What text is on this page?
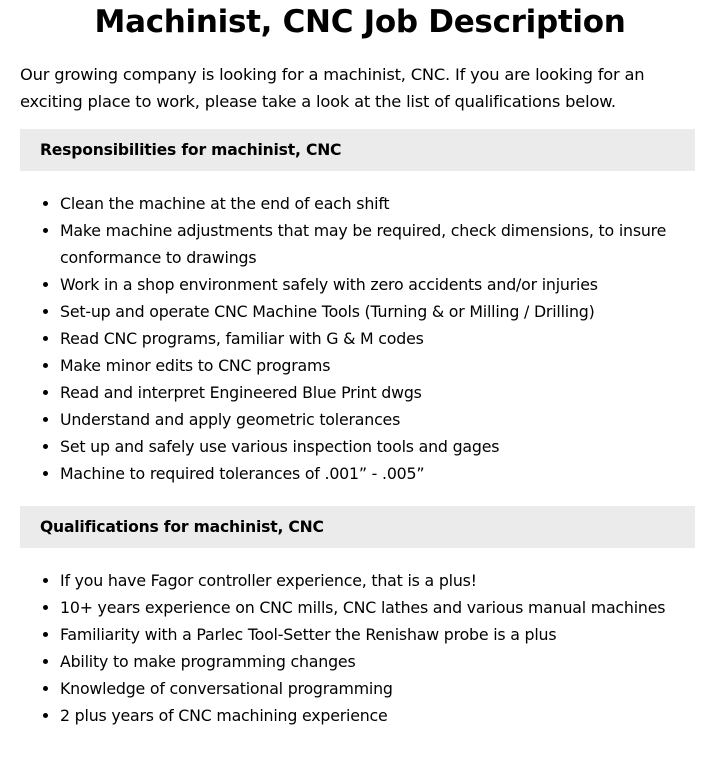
Machinist, CNC Job Description

Our growing company is looking for a machinist, CNC. If you are looking for an exciting place to work, please take a look at the list of qualifications below.

Responsibilities for machinist, CNC
• Clean the machine at the end of each shift
• Make machine adjustments that may be required, check dimensions, to insure conformance to drawings
• Work in a shop environment safely with zero accidents and/or injuries
• Set-up and operate CNC Machine Tools (Turning & or Milling / Drilling)
• Read CNC programs, familiar with G & M codes
• Make minor edits to CNC programs
• Read and interpret Engineered Blue Print dwgs
• Understand and apply geometric tolerances
• Set up and safely use various inspection tools and gages
• Machine to required tolerances of .001” - .005”
Qualifications for machinist, CNC
• If you have Fagor controller experience, that is a plus!
• 10+ years experience on CNC mills, CNC lathes and various manual machines
• Familiarity with a Parlec Tool-Setter the Renishaw probe is a plus
• Ability to make programming changes
• Knowledge of conversational programming
• 2 plus years of CNC machining experience
